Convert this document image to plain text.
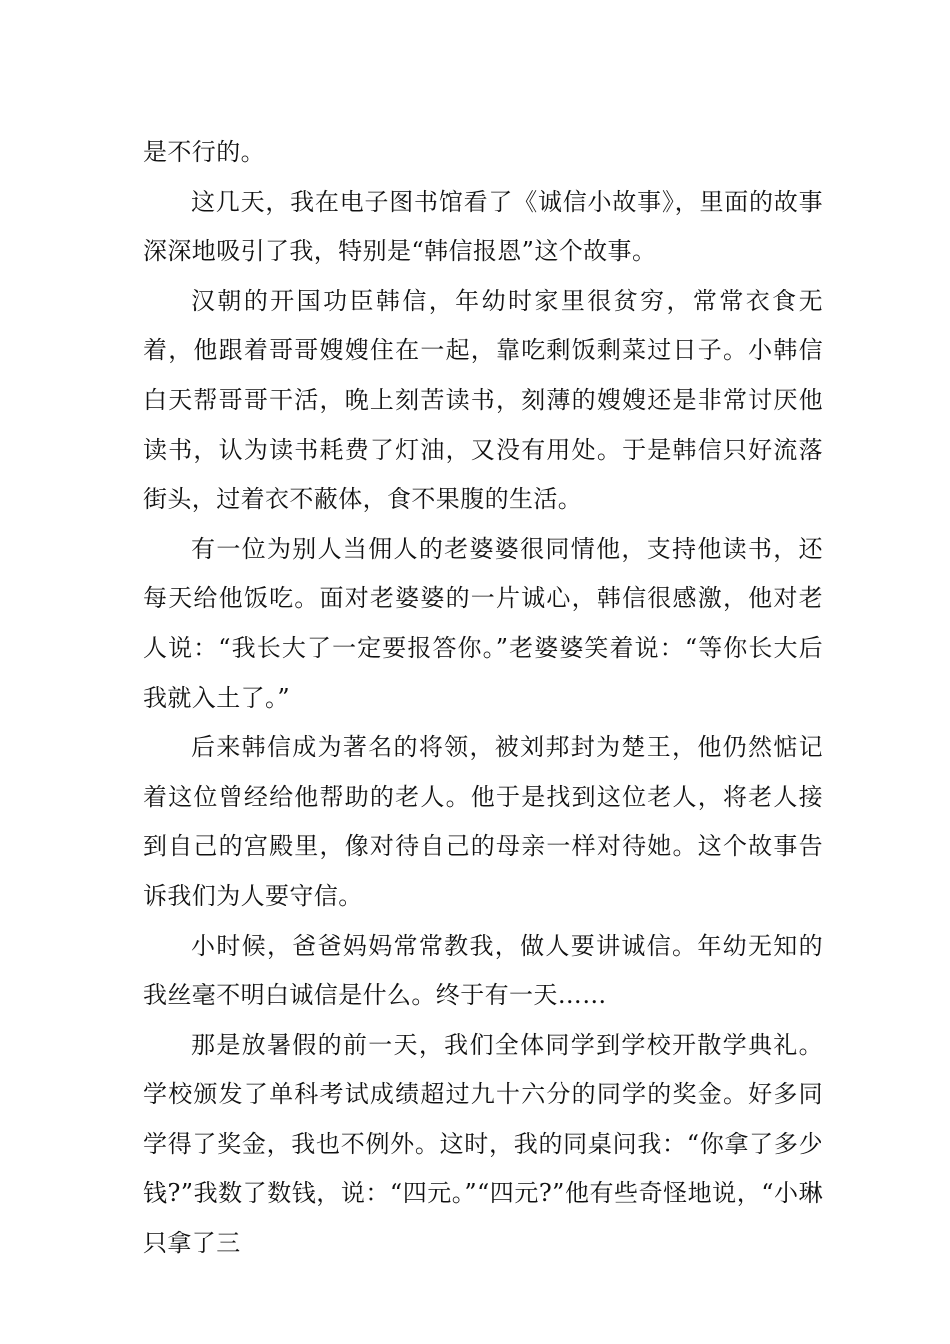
是不行的。

这几天，我在电子图书馆看了《诚信小故事》，里面的故事深深地吸引了我，特别是“韩信报恩”这个故事。

汉朝的开国功臣韩信，年幼时家里很贫穷，常常衣食无着，他跟着哥哥嫂嫂住在一起，靠吃剩饭剩菜过日子。小韩信白天帮哥哥干活，晚上刻苦读书，刻薄的嫂嫂还是非常讨厌他读书，认为读书耗费了灯油，又没有用处。于是韩信只好流落街头，过着衣不蔽体，食不果腹的生活。

有一位为别人当佣人的老婆婆很同情他，支持他读书，还每天给他饭吃。面对老婆婆的一片诚心，韩信很感激，他对老人说：“我长大了一定要报答你。”老婆婆笑着说：“等你长大后我就入土了。”

后来韩信成为著名的将领，被刘邦封为楚王，他仍然惦记着这位曾经给他帮助的老人。他于是找到这位老人，将老人接到自己的宫殿里，像对待自己的母亲一样对待她。这个故事告诉我们为人要守信。

小时候，爸爸妈妈常常教我，做人要讲诚信。年幼无知的我丝毫不明白诚信是什么。终于有一天……

那是放暑假的前一天，我们全体同学到学校开散学典礼。学校颁发了单科考试成绩超过九十六分的同学的奖金。好多同学得了奖金，我也不例外。这时，我的同桌问我：“你拿了多少钱?”我数了数钱，说：“四元。”“四元?”他有些奇怪地说，“小琳只拿了三
